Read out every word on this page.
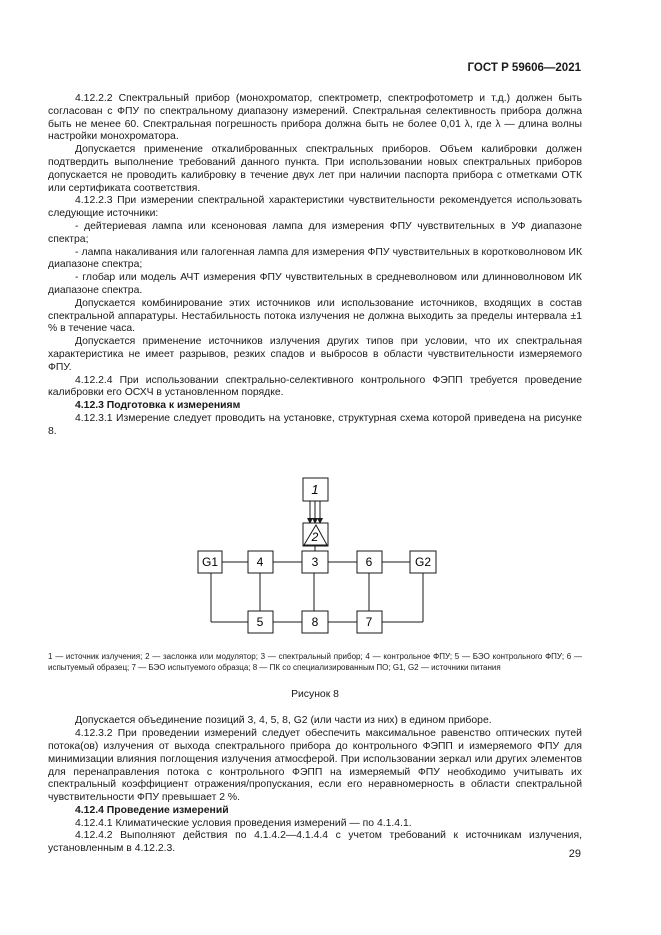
ГОСТ Р 59606—2021

4.12.2.2 Спектральный прибор (монохроматор, спектрометр, спектрофотометр и т.д.) должен быть согласован с ФПУ по спектральному диапазону измерений. Спектральная селективность прибора должна быть не менее 60. Спектральная погрешность прибора должна быть не более 0,01 λ, где λ — длина волны настройки монохроматора.

Допускается применение откалиброванных спектральных приборов. Объем калибровки должен подтвердить выполнение требований данного пункта. При использовании новых спектральных приборов допускается не проводить калибровку в течение двух лет при наличии паспорта прибора с отметками ОТК или сертификата соответствия.

4.12.2.3 При измерении спектральной характеристики чувствительности рекомендуется использовать следующие источники:

- дейтериевая лампа или ксеноновая лампа для измерения ФПУ чувствительных в УФ диапазоне спектра;

- лампа накаливания или галогенная лампа для измерения ФПУ чувствительных в коротковолновом ИК диапазоне спектра;

- глобар или модель АЧТ измерения ФПУ чувствительных в средневолновом или длинноволновом ИК диапазоне спектра.

Допускается комбинирование этих источников или использование источников, входящих в состав спектральной аппаратуры. Нестабильность потока излучения не должна выходить за пределы интервала ±1 % в течение часа.

Допускается применение источников излучения других типов при условии, что их спектральная характеристика не имеет разрывов, резких спадов и выбросов в области чувствительности измеряемого ФПУ.

4.12.2.4 При использовании спектрально-селективного контрольного ФЭПП требуется проведение калибровки его ОСХЧ в установленном порядке.

4.12.3 Подготовка к измерениям

4.12.3.1 Измерение следует проводить на установке, структурная схема которой приведена на рисунке 8.

1
2
G1	4	3	6	G2
5	8	7

1 — источник излучения; 2 — заслонка или модулятор; 3 — спектральный прибор; 4 — контрольное ФПУ; 5 — БЭО контрольного ФПУ; 6 — испытуемый образец; 7 — БЭО испытуемого образца; 8 — ПК со специализированным ПО; G1, G2 — источники питания

Рисунок 8

Допускается объединение позиций 3, 4, 5, 8, G2 (или части из них) в едином приборе.

4.12.3.2 При проведении измерений следует обеспечить максимальное равенство оптических путей потока(ов) излучения от выхода спектрального прибора до контрольного ФЭПП и измеряемого ФПУ для минимизации влияния поглощения излучения атмосферой. При использовании зеркал или других элементов для перенаправления потока с контрольного ФЭПП на измеряемый ФПУ необходимо учитывать их спектральный коэффициент отражения/пропускания, если его неравномерность в области спектральной чувствительности ФПУ превышает 2 %.

4.12.4 Проведение измерений

4.12.4.1 Климатические условия проведения измерений — по 4.1.4.1.

4.12.4.2 Выполняют действия по 4.1.4.2—4.1.4.4 с учетом требований к источникам излучения, установленным в 4.12.2.3.	29
